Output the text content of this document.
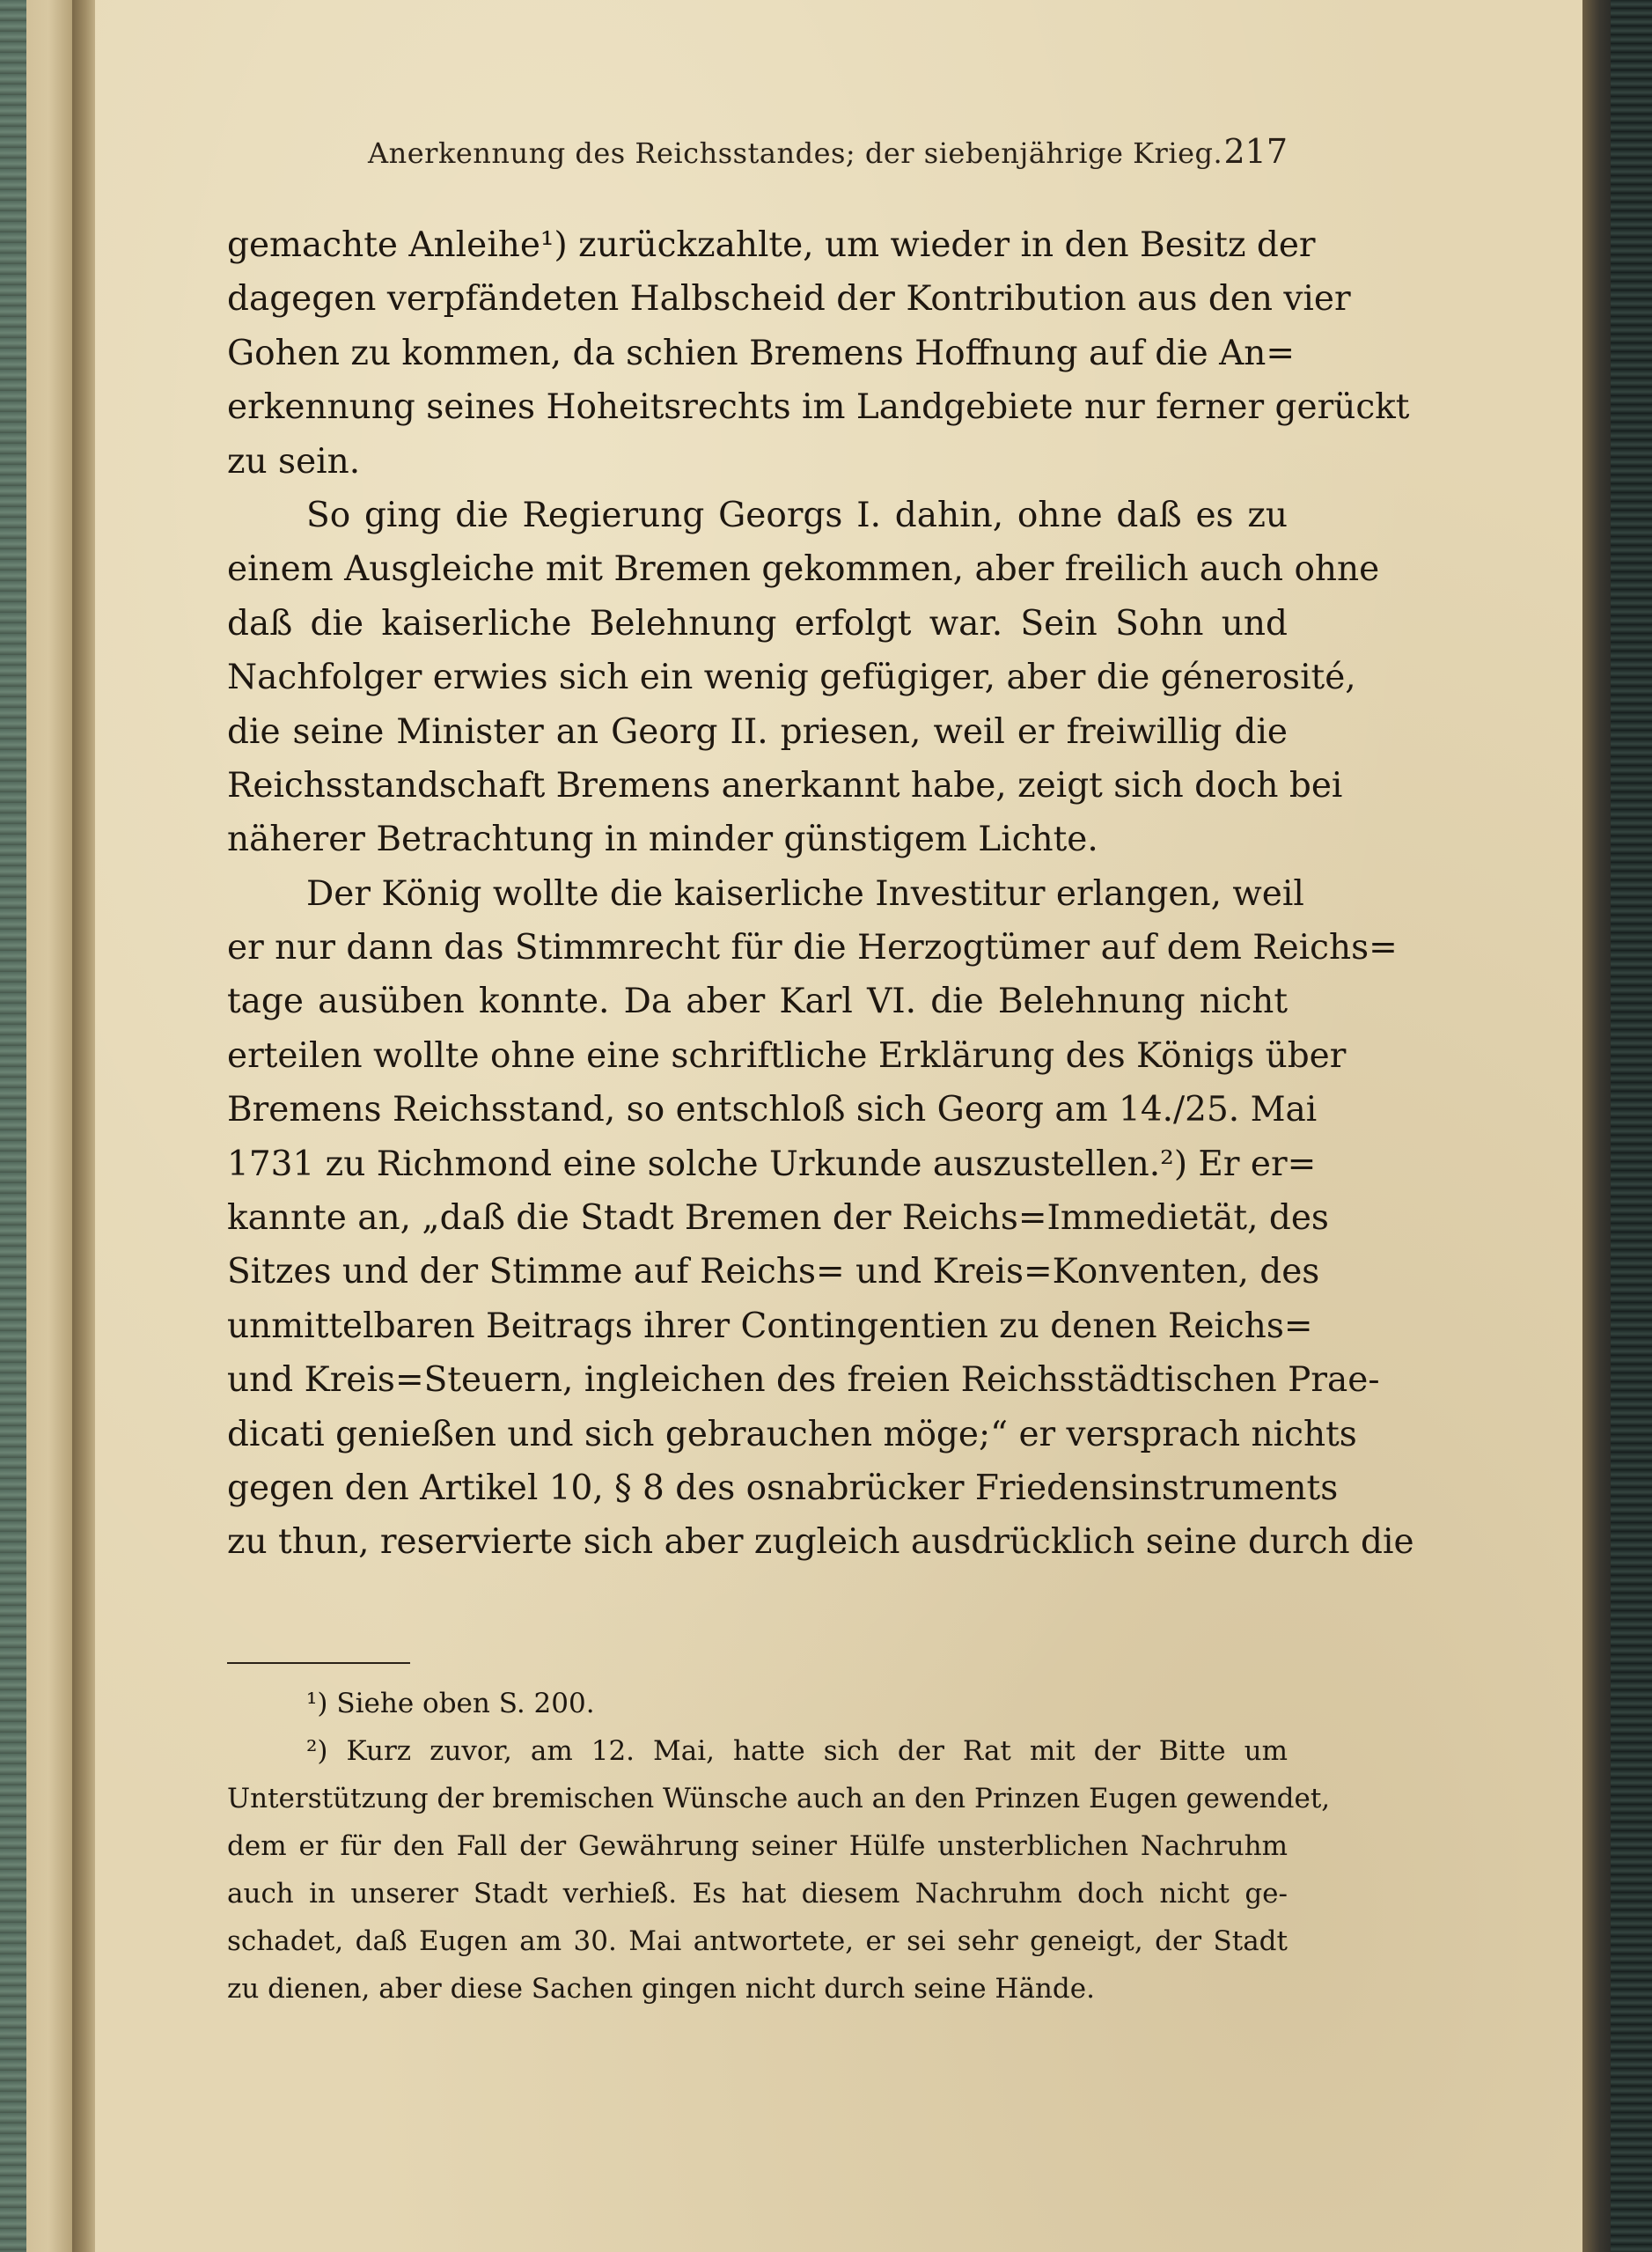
Anerkennung des Reichsstandes; der siebenjährige Krieg. 217
gemachte Anleihe¹) zurückzahlte, um wieder in den Besitz der
dagegen verpfändeten Halbscheid der Kontribution aus den vier
Gohen zu kommen, da schien Bremens Hoffnung auf die An=
erkennung seines Hoheitsrechts im Landgebiete nur ferner gerückt
zu sein.
So ging die Regierung Georgs I. dahin, ohne daß es zu
einem Ausgleiche mit Bremen gekommen, aber freilich auch ohne
daß die kaiserliche Belehnung erfolgt war. Sein Sohn und
Nachfolger erwies sich ein wenig gefügiger, aber die génerosité,
die seine Minister an Georg II. priesen, weil er freiwillig die
Reichsstandschaft Bremens anerkannt habe, zeigt sich doch bei
näherer Betrachtung in minder günstigem Lichte.
Der König wollte die kaiserliche Investitur erlangen, weil
er nur dann das Stimmrecht für die Herzogtümer auf dem Reichs=
tage ausüben konnte. Da aber Karl VI. die Belehnung nicht
erteilen wollte ohne eine schriftliche Erklärung des Königs über
Bremens Reichsstand, so entschloß sich Georg am 14./25. Mai
1731 zu Richmond eine solche Urkunde auszustellen.²) Er er=
kannte an, „daß die Stadt Bremen der Reichs=Immedietät, des
Sitzes und der Stimme auf Reichs= und Kreis=Konventen, des
unmittelbaren Beitrags ihrer Contingentien zu denen Reichs=
und Kreis=Steuern, ingleichen des freien Reichsstädtischen Prae-
dicati genießen und sich gebrauchen möge;“ er versprach nichts
gegen den Artikel 10, § 8 des osnabrücker Friedensinstruments
zu thun, reservierte sich aber zugleich ausdrücklich seine durch die
¹) Siehe oben S. 200.
²) Kurz zuvor, am 12. Mai, hatte sich der Rat mit der Bitte um
Unterstützung der bremischen Wünsche auch an den Prinzen Eugen gewendet,
dem er für den Fall der Gewährung seiner Hülfe unsterblichen Nachruhm
auch in unserer Stadt verhieß. Es hat diesem Nachruhm doch nicht ge-
schadet, daß Eugen am 30. Mai antwortete, er sei sehr geneigt, der Stadt
zu dienen, aber diese Sachen gingen nicht durch seine Hände.
